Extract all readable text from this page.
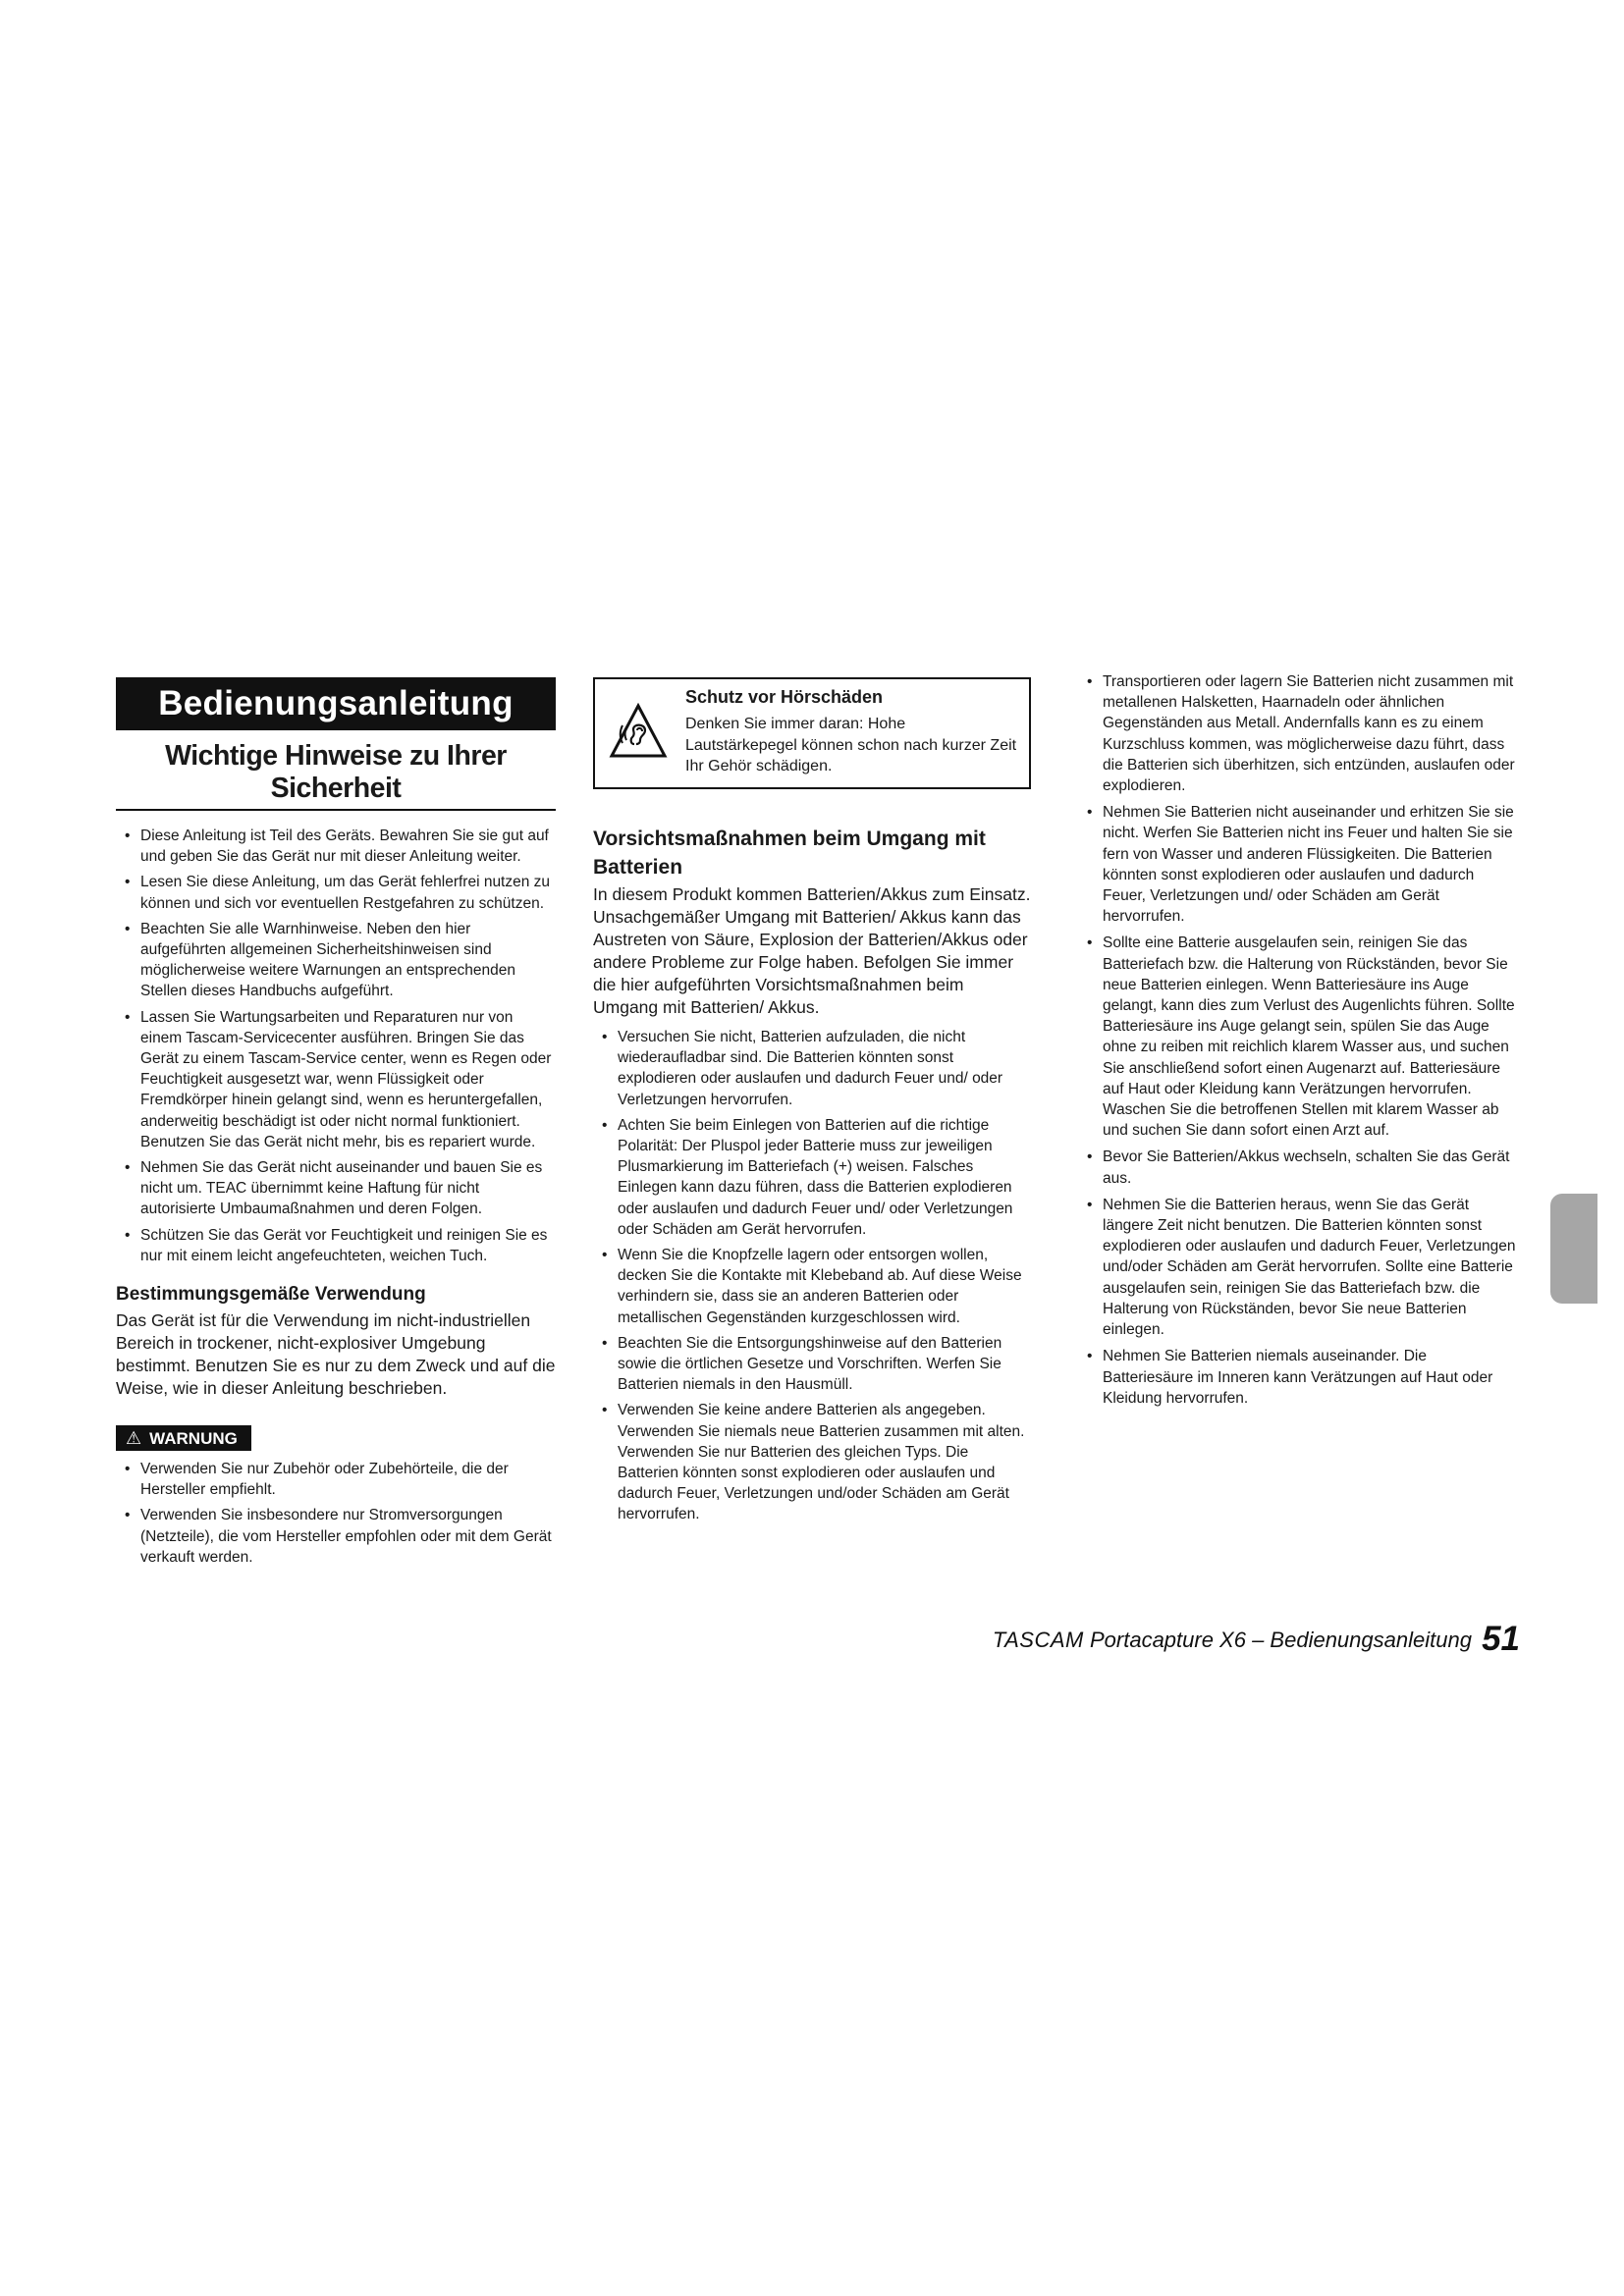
Bedienungsanleitung
Wichtige Hinweise zu Ihrer Sicherheit
• Diese Anleitung ist Teil des Geräts. Bewahren Sie sie gut auf und geben Sie das Gerät nur mit dieser Anleitung weiter.
• Lesen Sie diese Anleitung, um das Gerät fehlerfrei nutzen zu können und sich vor eventuellen Restgefahren zu schützen.
• Beachten Sie alle Warnhinweise. Neben den hier aufgeführten allgemeinen Sicherheitshinweisen sind möglicherweise weitere Warnungen an entsprechenden Stellen dieses Handbuchs aufgeführt.
• Lassen Sie Wartungsarbeiten und Reparaturen nur von einem Tascam-Servicecenter ausführen. Bringen Sie das Gerät zu einem Tascam-Service center, wenn es Regen oder Feuchtigkeit ausgesetzt war, wenn Flüssigkeit oder Fremdkörper hinein gelangt sind, wenn es heruntergefallen, anderweitig beschädigt ist oder nicht normal funktioniert. Benutzen Sie das Gerät nicht mehr, bis es repariert wurde.
• Nehmen Sie das Gerät nicht auseinander und bauen Sie es nicht um. TEAC übernimmt keine Haftung für nicht autorisierte Umbaumaßnahmen und deren Folgen.
• Schützen Sie das Gerät vor Feuchtigkeit und reinigen Sie es nur mit einem leicht angefeuchteten, weichen Tuch.
Bestimmungsgemäße Verwendung

Das Gerät ist für die Verwendung im nicht-industriellen Bereich in trockener, nicht-explosiver Umgebung bestimmt. Benutzen Sie es nur zu dem Zweck und auf die Weise, wie in dieser Anleitung beschrieben.

⚠ WARNUNG
• Verwenden Sie nur Zubehör oder Zubehörteile, die der Hersteller empfiehlt.
• Verwenden Sie insbesondere nur Stromversorgungen (Netzteile), die vom Hersteller empfohlen oder mit dem Gerät verkauft werden.
Schutz vor Hörschäden
Denken Sie immer daran: Hohe Lautstärkepegel können schon nach kurzer Zeit Ihr Gehör schädigen.
Vorsichtsmaßnahmen beim Umgang mit Batterien

In diesem Produkt kommen Batterien/Akkus zum Einsatz. Unsachgemäßer Umgang mit Batterien/ Akkus kann das Austreten von Säure, Explosion der Batterien/Akkus oder andere Probleme zur Folge haben. Befolgen Sie immer die hier aufgeführten Vorsichtsmaßnahmen beim Umgang mit Batterien/ Akkus.

• Versuchen Sie nicht, Batterien aufzuladen, die nicht wiederaufladbar sind. Die Batterien könnten sonst explodieren oder auslaufen und dadurch Feuer und/ oder Verletzungen hervorrufen.
• Achten Sie beim Einlegen von Batterien auf die richtige Polarität: Der Pluspol jeder Batterie muss zur jeweiligen Plusmarkierung im Batteriefach (+) weisen. Falsches Einlegen kann dazu führen, dass die Batterien explodieren oder auslaufen und dadurch Feuer und/ oder Verletzungen oder Schäden am Gerät hervorrufen.
• Wenn Sie die Knopfzelle lagern oder entsorgen wollen, decken Sie die Kontakte mit Klebeband ab. Auf diese Weise verhindern sie, dass sie an anderen Batterien oder metallischen Gegenständen kurzgeschlossen wird.
• Beachten Sie die Entsorgungshinweise auf den Batterien sowie die örtlichen Gesetze und Vorschriften. Werfen Sie Batterien niemals in den Hausmüll.
• Verwenden Sie keine andere Batterien als angegeben. Verwenden Sie niemals neue Batterien zusammen mit alten. Verwenden Sie nur Batterien des gleichen Typs. Die Batterien könnten sonst explodieren oder auslaufen und dadurch Feuer, Verletzungen und/oder Schäden am Gerät hervorrufen.
• Transportieren oder lagern Sie Batterien nicht zusammen mit metallenen Halsketten, Haarnadeln oder ähnlichen Gegenständen aus Metall. Andernfalls kann es zu einem Kurzschluss kommen, was möglicherweise dazu führt, dass die Batterien sich überhitzen, sich entzünden, auslaufen oder explodieren.
• Nehmen Sie Batterien nicht auseinander und erhitzen Sie sie nicht. Werfen Sie Batterien nicht ins Feuer und halten Sie sie fern von Wasser und anderen Flüssigkeiten. Die Batterien könnten sonst explodieren oder auslaufen und dadurch Feuer, Verletzungen und/ oder Schäden am Gerät hervorrufen.
• Sollte eine Batterie ausgelaufen sein, reinigen Sie das Batteriefach bzw. die Halterung von Rückständen, bevor Sie neue Batterien einlegen. Wenn Batteriesäure ins Auge gelangt, kann dies zum Verlust des Augenlichts führen. Sollte Batteriesäure ins Auge gelangt sein, spülen Sie das Auge ohne zu reiben mit reichlich klarem Wasser aus, und suchen Sie anschließend sofort einen Augenarzt auf. Batteriesäure auf Haut oder Kleidung kann Verätzungen hervorrufen. Waschen Sie die betroffenen Stellen mit klarem Wasser ab und suchen Sie dann sofort einen Arzt auf.
• Bevor Sie Batterien/Akkus wechseln, schalten Sie das Gerät aus.
• Nehmen Sie die Batterien heraus, wenn Sie das Gerät längere Zeit nicht benutzen. Die Batterien könnten sonst explodieren oder auslaufen und dadurch Feuer, Verletzungen und/oder Schäden am Gerät hervorrufen. Sollte eine Batterie ausgelaufen sein, reinigen Sie das Batteriefach bzw. die Halterung von Rückständen, bevor Sie neue Batterien einlegen.
• Nehmen Sie Batterien niemals auseinander. Die Batteriesäure im Inneren kann Verätzungen auf Haut oder Kleidung hervorrufen.
TASCAM Portacapture X6 – Bedienungsanleitung 51
